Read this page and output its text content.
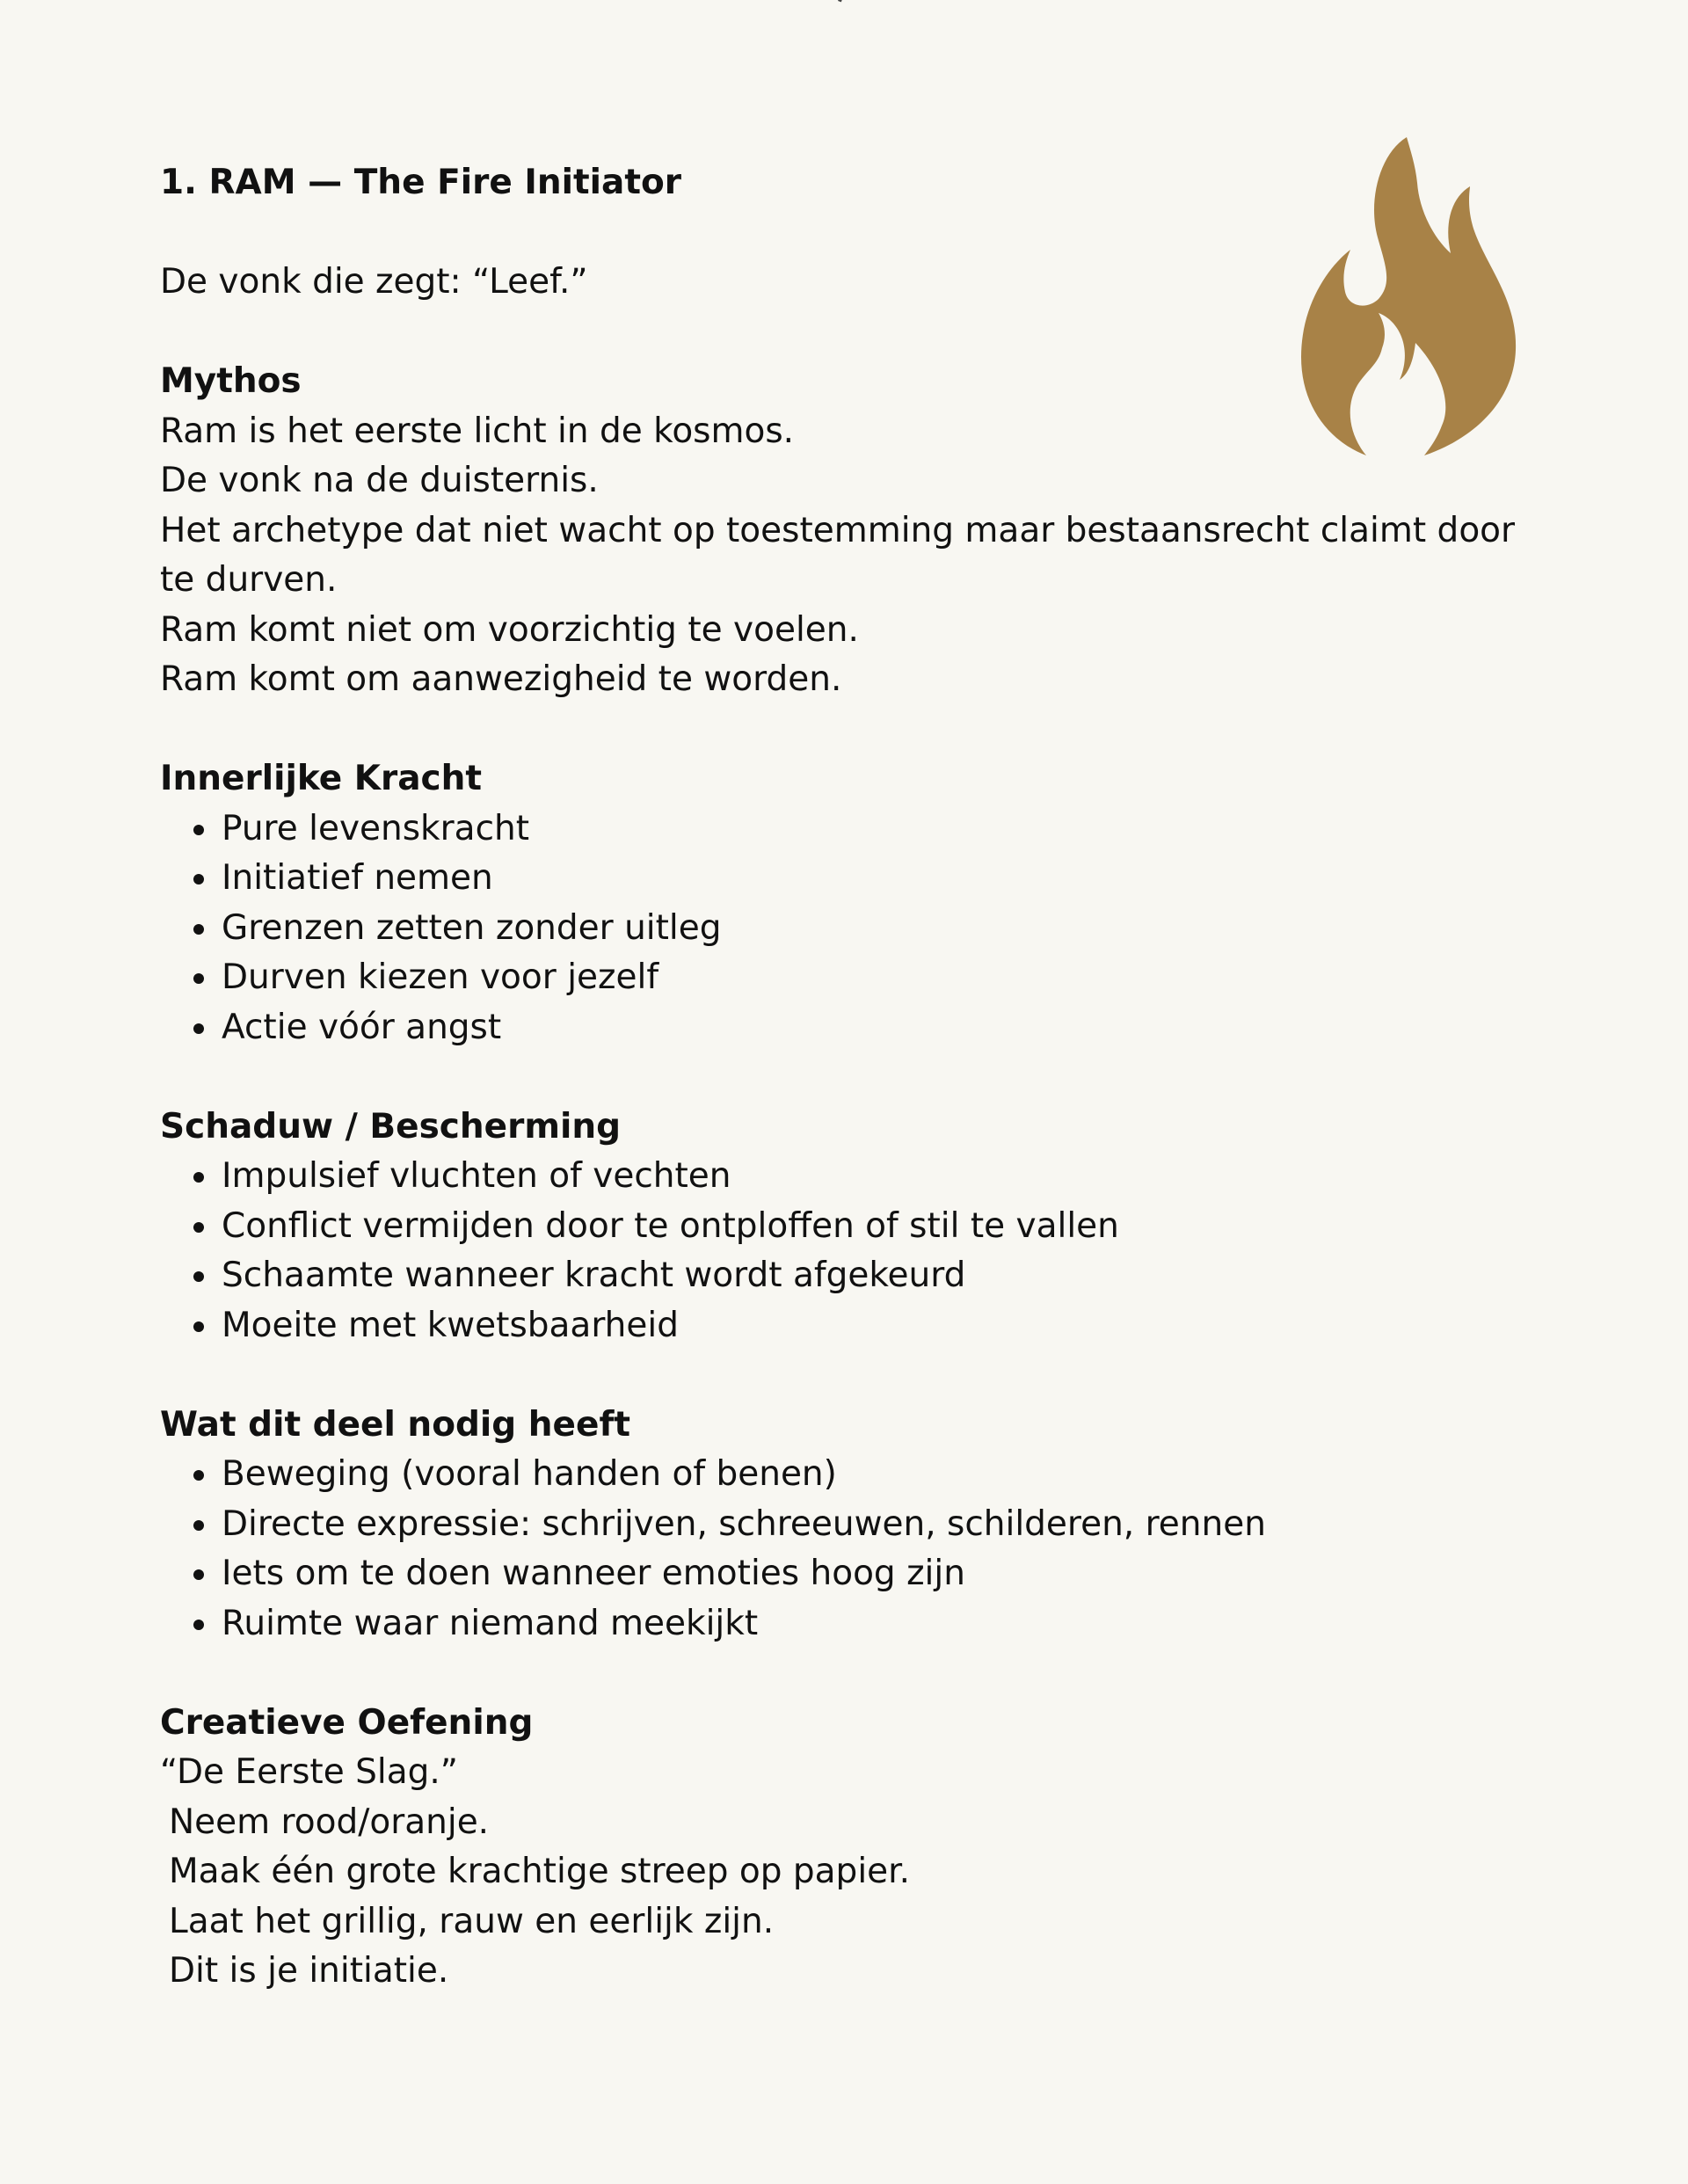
1. RAM — The Fire Initiator

De vonk die zegt: “Leef.”

Mythos

Ram is het eerste licht in de kosmos.

De vonk na de duisternis.

Het archetype dat niet wacht op toestemming maar bestaansrecht claimt door te durven.

Ram komt niet om voorzichtig te voelen.

Ram komt om aanwezigheid te worden.

Innerlijke Kracht

• Pure levenskracht
• Initiatief nemen
• Grenzen zetten zonder uitleg
• Durven kiezen voor jezelf
• Actie vóór angst

Schaduw / Bescherming

• Impulsief vluchten of vechten
• Conflict vermijden door te ontploffen of stil te vallen
• Schaamte wanneer kracht wordt afgekeurd
• Moeite met kwetsbaarheid

Wat dit deel nodig heeft

• Beweging (vooral handen of benen)
• Directe expressie: schrijven, schreeuwen, schilderen, rennen
• Iets om te doen wanneer emoties hoog zijn
• Ruimte waar niemand meekijkt

Creatieve Oefening

“De Eerste Slag.”

Neem rood/oranje.

Maak één grote krachtige streep op papier.

Laat het grillig, rauw en eerlijk zijn.

Dit is je initiatie.
